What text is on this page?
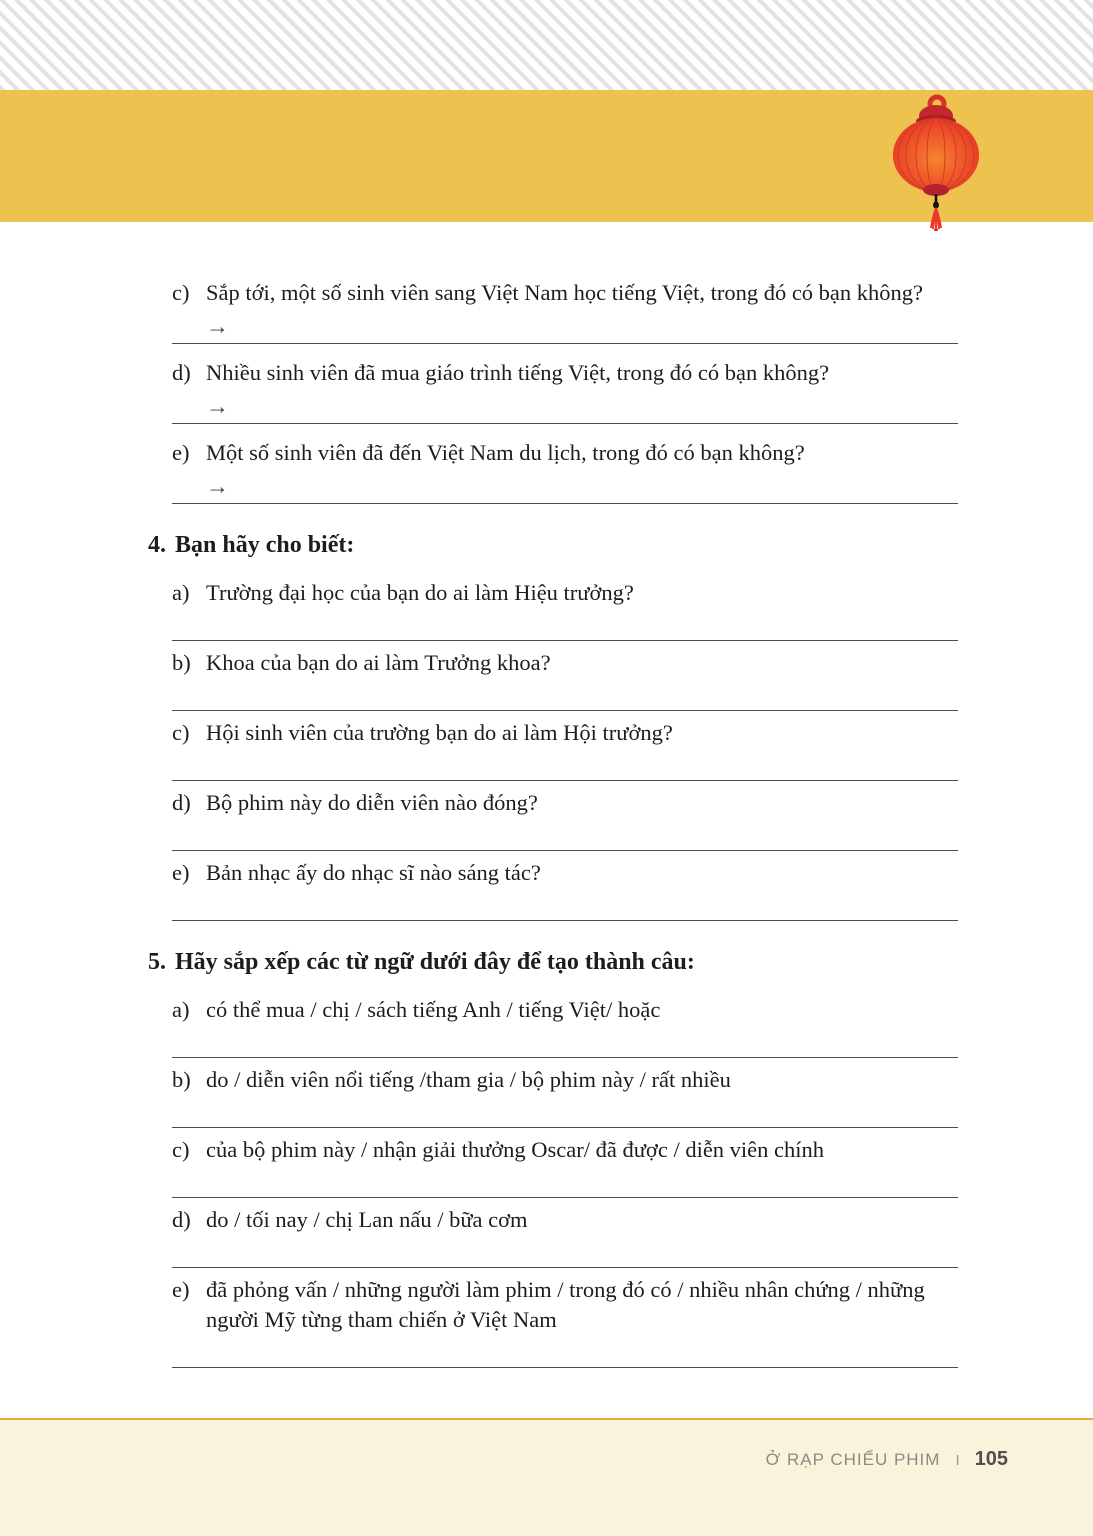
c) Sắp tới, một số sinh viên sang Việt Nam học tiếng Việt, trong đó có bạn không?
→
d) Nhiều sinh viên đã mua giáo trình tiếng Việt, trong đó có bạn không?
→
e) Một số sinh viên đã đến Việt Nam du lịch, trong đó có bạn không?
→
4. Bạn hãy cho biết:
a) Trường đại học của bạn do ai làm Hiệu trưởng?
b) Khoa của bạn do ai làm Trưởng khoa?
c) Hội sinh viên của trường bạn do ai làm Hội trưởng?
d) Bộ phim này do diễn viên nào đóng?
e) Bản nhạc ấy do nhạc sĩ nào sáng tác?
5. Hãy sắp xếp các từ ngữ dưới đây để tạo thành câu:
a) có thể mua / chị / sách tiếng Anh / tiếng Việt/ hoặc
b) do / diễn viên nổi tiếng /tham gia / bộ phim này / rất nhiều
c) của bộ phim này / nhận giải thưởng Oscar/ đã được / diễn viên chính
d) do / tối nay / chị Lan nấu / bữa cơm
e) đã phỏng vấn / những người làm phim / trong đó có / nhiều nhân chứng / những người Mỹ từng tham chiến ở Việt Nam
Ở RẠP CHIẾU PHIM I 105
